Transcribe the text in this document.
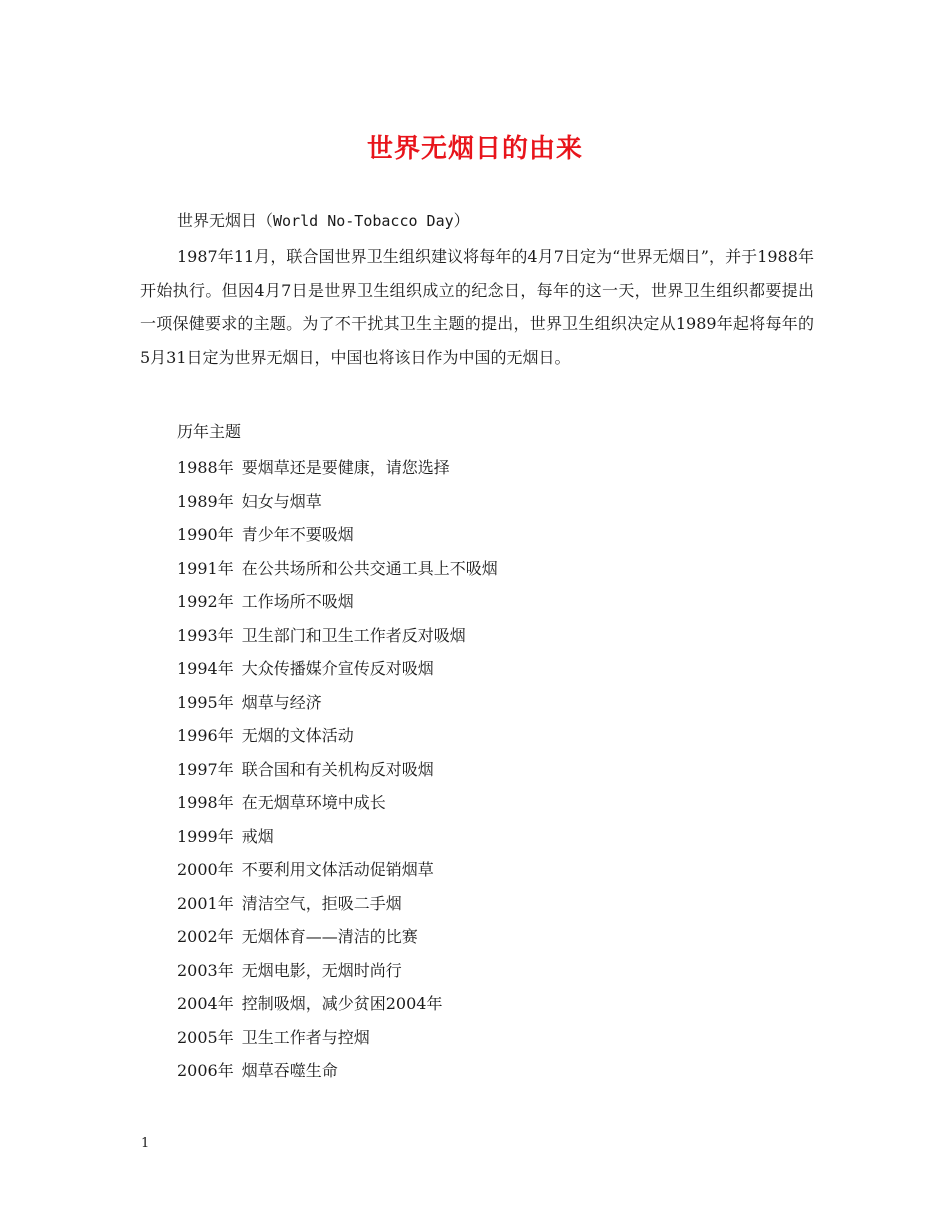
世界无烟日的由来

世界无烟日（World No-Tobacco Day）

1987年11月，联合国世界卫生组织建议将每年的4月7日定为“世界无烟日”，并于1988年开始执行。但因4月7日是世界卫生组织成立的纪念日，每年的这一天，世界卫生组织都要提出一项保健要求的主题。为了不干扰其卫生主题的提出，世界卫生组织决定从1989年起将每年的5月31日定为世界无烟日，中国也将该日作为中国的无烟日。

历年主题

1988年 要烟草还是要健康，请您选择
1989年 妇女与烟草
1990年 青少年不要吸烟
1991年 在公共场所和公共交通工具上不吸烟
1992年 工作场所不吸烟
1993年 卫生部门和卫生工作者反对吸烟
1994年 大众传播媒介宣传反对吸烟
1995年 烟草与经济
1996年 无烟的文体活动
1997年 联合国和有关机构反对吸烟
1998年 在无烟草环境中成长
1999年 戒烟
2000年 不要利用文体活动促销烟草
2001年 清洁空气，拒吸二手烟
2002年 无烟体育——清洁的比赛
2003年 无烟电影，无烟时尚行
2004年 控制吸烟，减少贫困2004年
2005年 卫生工作者与控烟
2006年 烟草吞噬生命

1
